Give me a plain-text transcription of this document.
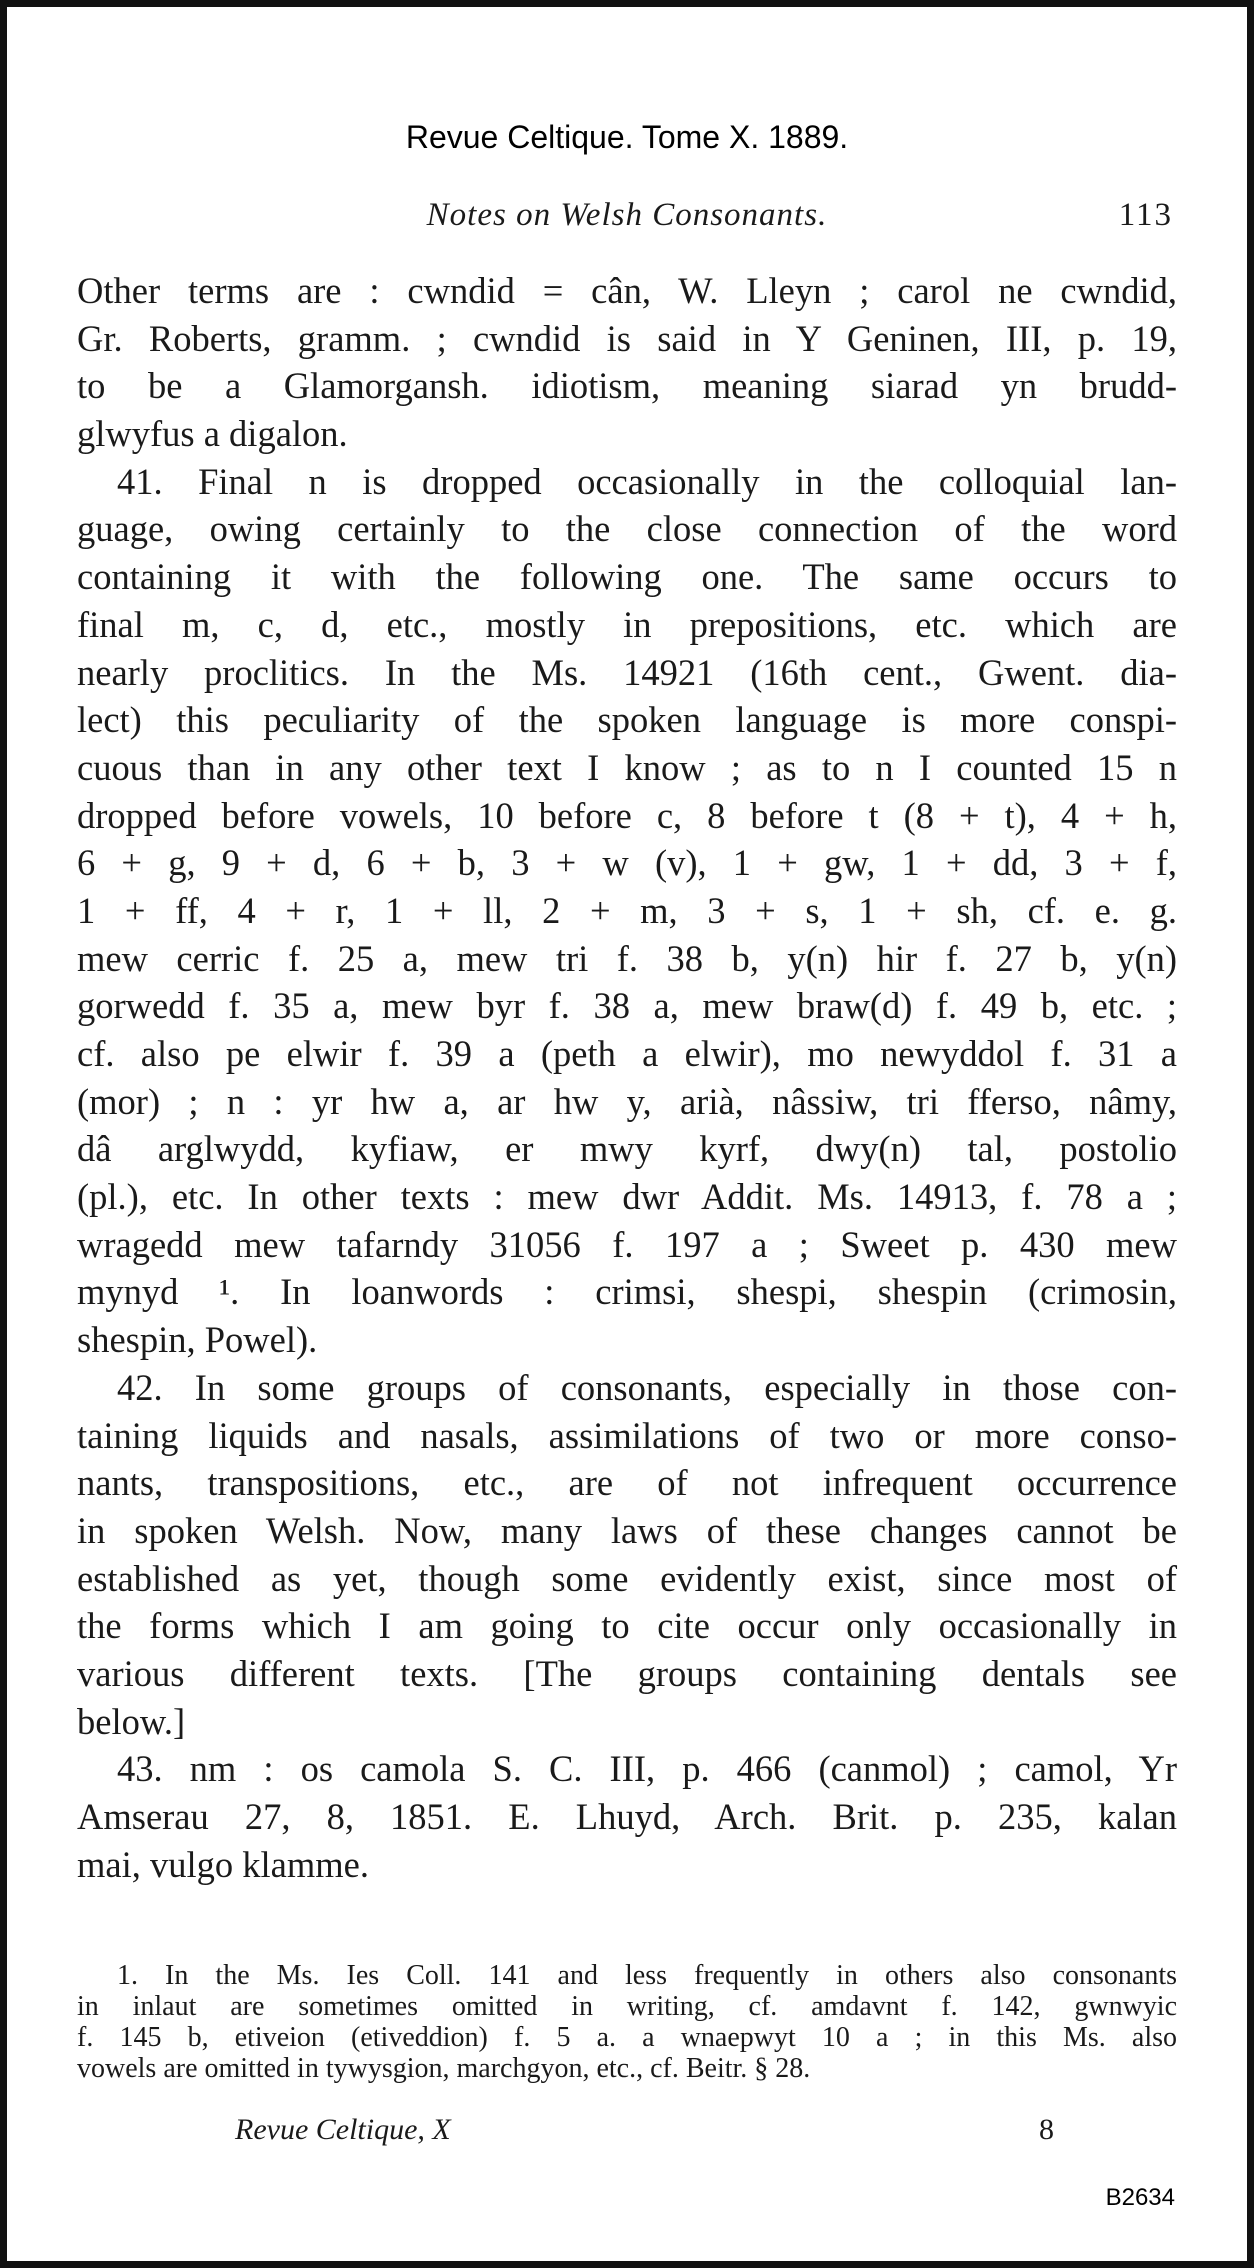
Revue Celtique. Tome X. 1889.
Notes on Welsh Consonants.	113
Other terms are : cwndid = cân, W. Lleyn ; carol ne cwndid,
Gr. Roberts, gramm. ; cwndid is said in Y Geninen, III, p. 19,
to be a Glamorgansh. idiotism, meaning siarad yn brudd-
glwyfus a digalon.
41. Final n is dropped occasionally in the colloquial lan-
guage, owing certainly to the close connection of the word
containing it with the following one. The same occurs to
final m, c, d, etc., mostly in prepositions, etc. which are
nearly proclitics. In the Ms. 14921 (16th cent., Gwent. dia-
lect) this peculiarity of the spoken language is more conspi-
cuous than in any other text I know ; as to n I counted 15 n
dropped before vowels, 10 before c, 8 before t (8 + t), 4 + h,
6 + g, 9 + d, 6 + b, 3 + w (v), 1 + gw, 1 + dd, 3 + f,
1 + ff, 4 + r, 1 + ll, 2 + m, 3 + s, 1 + sh, cf. e. g.
mew cerric f. 25 a, mew tri f. 38 b, y(n) hir f. 27 b, y(n)
gorwedd f. 35 a, mew byr f. 38 a, mew braw(d) f. 49 b, etc. ;
cf. also pe elwir f. 39 a (peth a elwir), mo newyddol f. 31 a
(mor) ; n : yr hw a, ar hw y, arià, nâssiw, tri fferso, nâmy,
dâ arglwydd, kyfiaw, er mwy kyrf, dwy(n) tal, postolio
(pl.), etc. In other texts : mew dwr Addit. Ms. 14913, f. 78 a ;
wragedd mew tafarndy 31056 f. 197 a ; Sweet p. 430 mew
mynyd ¹. In loanwords : crimsi, shespi, shespin (crimosin,
shespin, Powel).
42. In some groups of consonants, especially in those con-
taining liquids and nasals, assimilations of two or more conso-
nants, transpositions, etc., are of not infrequent occurrence
in spoken Welsh. Now, many laws of these changes cannot be
established as yet, though some evidently exist, since most of
the forms which I am going to cite occur only occasionally in
various different texts. [The groups containing dentals see
below.]
43. nm : os camola S. C. III, p. 466 (canmol) ; camol, Yr
Amserau 27, 8, 1851. E. Lhuyd, Arch. Brit. p. 235, kalan
mai, vulgo klamme.
1. In the Ms. Ies Coll. 141 and less frequently in others also consonants
in inlaut are sometimes omitted in writing, cf. amdavnt f. 142, gwnwyic
f. 145 b, etiveion (etiveddion) f. 5 a. a wnaepwyt 10 a ; in this Ms. also
vowels are omitted in tywysgion, marchgyon, etc., cf. Beitr. § 28.
Revue Celtique, X	8
B2634
